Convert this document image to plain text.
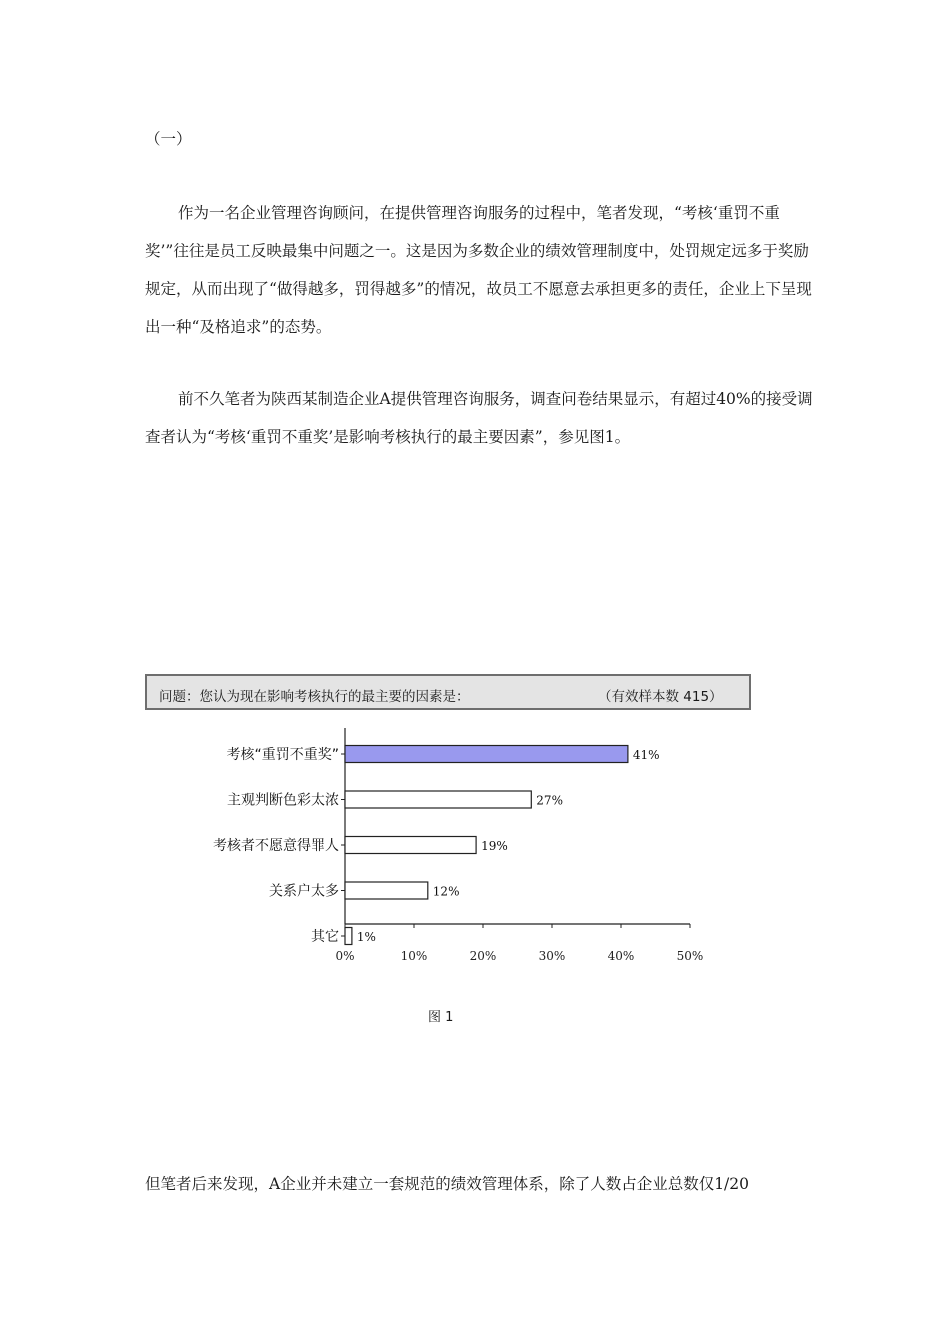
（一）

作为一名企业管理咨询顾问，在提供管理咨询服务的过程中，笔者发现，“考核‘重罚不重奖’”往往是员工反映最集中问题之一。这是因为多数企业的绩效管理制度中，处罚规定远多于奖励规定，从而出现了“做得越多，罚得越多”的情况，故员工不愿意去承担更多的责任，企业上下呈现出一种“及格追求”的态势。

前不久笔者为陕西某制造企业A提供管理咨询服务，调查问卷结果显示，有超过40%的接受调查者认为“考核‘重罚不重奖’是影响考核执行的最主要因素”，参见图1。

问题：您认为现在影响考核执行的最主要的因素是：	（有效样本数 415）
0%	10%	20%	30%	40%	50%
考核“重罚不重奖”	41%
主观判断色彩太浓	27%
考核者不愿意得罪人	19%
关系户太多	12%
其它 1%
图 1

但笔者后来发现，A企业并未建立一套规范的绩效管理体系，除了人数占企业总数仅1/20
